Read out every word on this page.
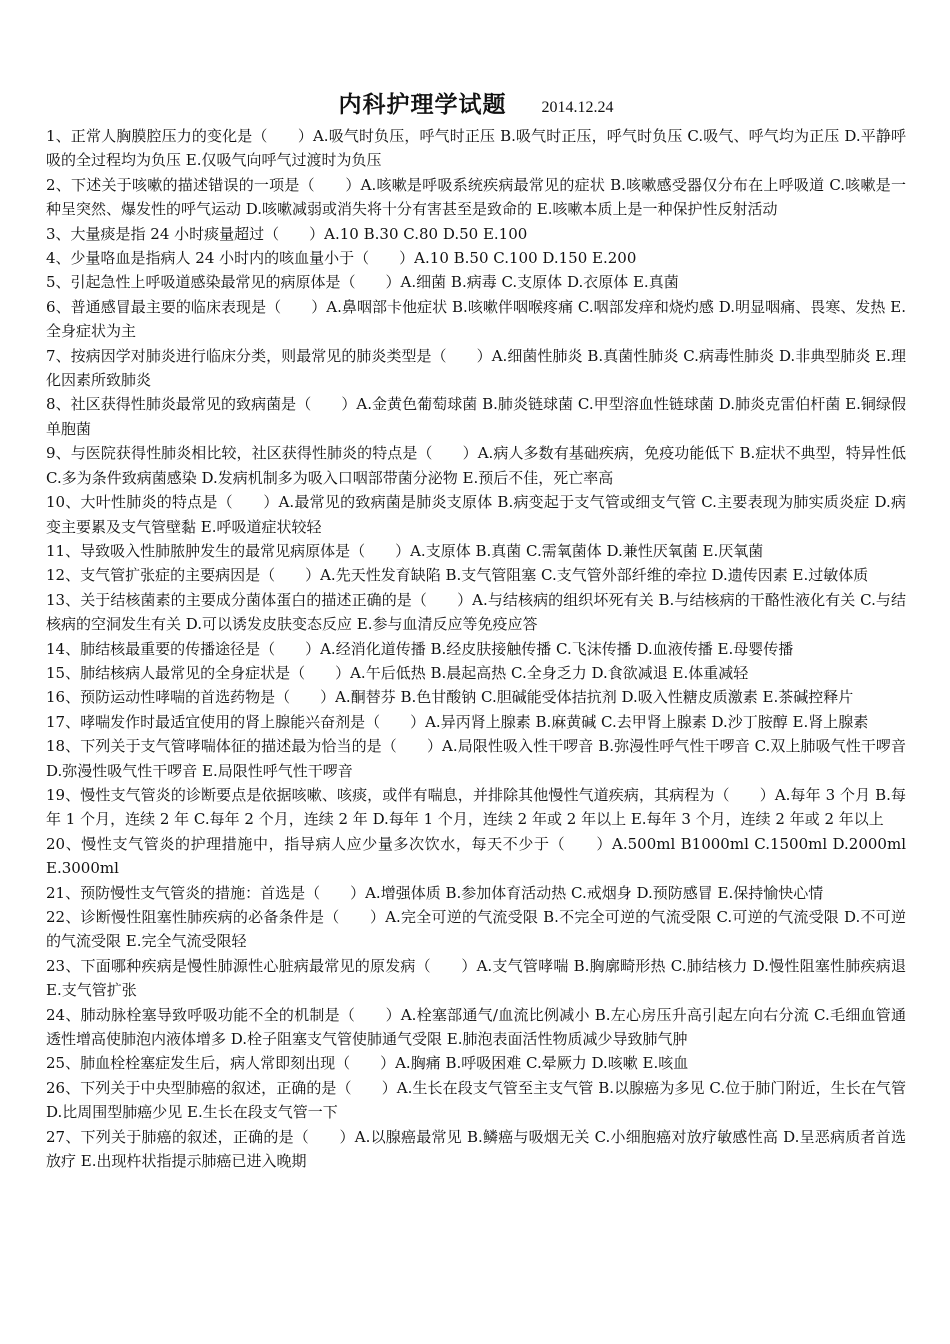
内科护理学试题 2014.12.24

1、正常人胸膜腔压力的变化是（　　）A.吸气时负压，呼气时正压 B.吸气时正压，呼气时负压 C.吸气、呼气均为正压 D.平静呼吸的全过程均为负压 E.仅吸气向呼气过渡时为负压

2、下述关于咳嗽的描述错误的一项是（　　）A.咳嗽是呼吸系统疾病最常见的症状 B.咳嗽感受器仅分布在上呼吸道 C.咳嗽是一种呈突然、爆发性的呼气运动 D.咳嗽减弱或消失将十分有害甚至是致命的 E.咳嗽本质上是一种保护性反射活动

3、大量痰是指 24 小时痰量超过（　　）A.10 B.30 C.80 D.50 E.100

4、少量咯血是指病人 24 小时内的咳血量小于（　　）A.10 B.50 C.100 D.150 E.200

5、引起急性上呼吸道感染最常见的病原体是（　　）A.细菌 B.病毒 C.支原体 D.衣原体 E.真菌

6、普通感冒最主要的临床表现是（　　）A.鼻咽部卡他症状 B.咳嗽伴咽喉疼痛 C.咽部发痒和烧灼感 D.明显咽痛、畏寒、发热 E.全身症状为主

7、按病因学对肺炎进行临床分类，则最常见的肺炎类型是（　　）A.细菌性肺炎 B.真菌性肺炎 C.病毒性肺炎 D.非典型肺炎 E.理化因素所致肺炎

8、社区获得性肺炎最常见的致病菌是（　　）A.金黄色葡萄球菌 B.肺炎链球菌 C.甲型溶血性链球菌 D.肺炎克雷伯杆菌 E.铜绿假单胞菌

9、与医院获得性肺炎相比较，社区获得性肺炎的特点是（　　）A.病人多数有基础疾病，免疫功能低下 B.症状不典型，特异性低 C.多为条件致病菌感染 D.发病机制多为吸入口咽部带菌分泌物 E.预后不佳，死亡率高

10、大叶性肺炎的特点是（　　）A.最常见的致病菌是肺炎支原体 B.病变起于支气管或细支气管 C.主要表现为肺实质炎症 D.病变主要累及支气管壁黏 E.呼吸道症状较轻

11、导致吸入性肺脓肿发生的最常见病原体是（　　）A.支原体 B.真菌 C.需氧菌体 D.兼性厌氧菌 E.厌氧菌

12、支气管扩张症的主要病因是（　　）A.先天性发育缺陷 B.支气管阻塞 C.支气管外部纤维的牵拉 D.遗传因素 E.过敏体质

13、关于结核菌素的主要成分菌体蛋白的描述正确的是（　　）A.与结核病的组织坏死有关 B.与结核病的干酪性液化有关 C.与结核病的空洞发生有关 D.可以诱发皮肤变态反应 E.参与血清反应等免疫应答

14、肺结核最重要的传播途径是（　　）A.经消化道传播 B.经皮肤接触传播 C.飞沫传播 D.血液传播 E.母婴传播

15、肺结核病人最常见的全身症状是（　　）A.午后低热 B.晨起高热 C.全身乏力 D.食欲减退 E.体重减轻

16、预防运动性哮喘的首选药物是（　　）A.酮替芬 B.色甘酸钠 C.胆碱能受体拮抗剂 D.吸入性糖皮质激素 E.茶碱控释片

17、哮喘发作时最适宜使用的肾上腺能兴奋剂是（　　）A.异丙肾上腺素 B.麻黄碱 C.去甲肾上腺素 D.沙丁胺醇 E.肾上腺素

18、下列关于支气管哮喘体征的描述最为恰当的是（　　）A.局限性吸入性干啰音 B.弥漫性呼气性干啰音 C.双上肺吸气性干啰音 D.弥漫性吸气性干啰音 E.局限性呼气性干啰音

19、慢性支气管炎的诊断要点是依据咳嗽、咳痰，或伴有喘息，并排除其他慢性气道疾病，其病程为（　　）A.每年 3 个月 B.每年 1 个月，连续 2 年 C.每年 2 个月，连续 2 年 D.每年 1 个月，连续 2 年或 2 年以上 E.每年 3 个月，连续 2 年或 2 年以上

20、慢性支气管炎的护理措施中，指导病人应少量多次饮水，每天不少于（　　）A.500ml B1000ml C.1500ml D.2000ml E.3000ml

21、预防慢性支气管炎的措施：首选是（　　）A.增强体质 B.参加体育活动热 C.戒烟身 D.预防感冒 E.保持愉快心情

22、诊断慢性阻塞性肺疾病的必备条件是（　　）A.完全可逆的气流受限 B.不完全可逆的气流受限 C.可逆的气流受限 D.不可逆的气流受限 E.完全气流受限轻

23、下面哪种疾病是慢性肺源性心脏病最常见的原发病（　　）A.支气管哮喘 B.胸廓畸形热 C.肺结核力 D.慢性阻塞性肺疾病退 E.支气管扩张

24、肺动脉栓塞导致呼吸功能不全的机制是（　　）A.栓塞部通气/血流比例减小 B.左心房压升高引起左向右分流 C.毛细血管通透性增高使肺泡内液体增多 D.栓子阻塞支气管使肺通气受限 E.肺泡表面活性物质减少导致肺气肿

25、肺血栓栓塞症发生后，病人常即刻出现（　　）A.胸痛 B.呼吸困难 C.晕厥力 D.咳嗽 E.咳血

26、下列关于中央型肺癌的叙述，正确的是（　　）A.生长在段支气管至主支气管 B.以腺癌为多见 C.位于肺门附近，生长在气管 D.比周围型肺癌少见 E.生长在段支气管一下

27、下列关于肺癌的叙述，正确的是（　　）A.以腺癌最常见 B.鳞癌与吸烟无关 C.小细胞癌对放疗敏感性高 D.呈恶病质者首选放疗 E.出现杵状指提示肺癌已进入晚期
